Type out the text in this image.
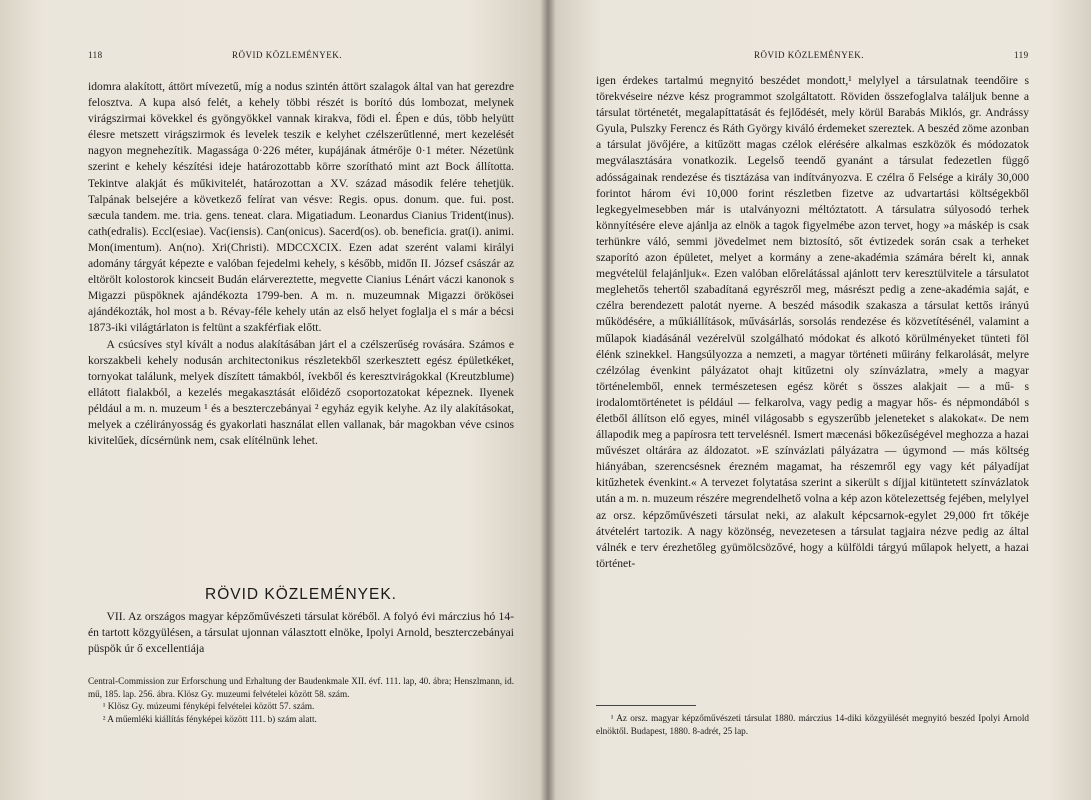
118	RÖVID KÖZLEMÉNYEK.

idomra alakított, áttört mívezetű, míg a nodus szintén áttört szalagok által van hat gerezdre felosztva. A kupa alsó felét, a kehely többi részét is borító dús lombozat, melynek virágszirmai kövekkel és gyöngyökkel vannak kirakva, födi el. Épen e dús, több helyütt élesre metszett virágszirmok és levelek teszik e kelyhet czélszerűtlenné, mert kezelését nagyon megnehezítik. Magassága 0·226 méter, kupájának átmérője 0·1 méter. Nézetünk szerint e kehely készítési ideje határozottabb körre szorítható mint azt Bock állította. Tekintve alakját és műkivitelét, határozottan a XV. század második felére tehetjük. Talpának belsejére a következő felírat van vésve: Regis. opus. donum. que. fui. post. sæcula tandem. me. tria. gens. teneat. clara. Migatiadum. Leonardus Cianius Trident(inus). cath(edralis). Eccl(esiae). Vac(iensis). Can(onicus). Sacerd(os). ob. beneficia. grat(i). animi. Mon(imentum). An(no). Xri(Christi). MDCCXCIX. Ezen adat szerént valami királyi adomány tárgyát képezte e valóban fejedelmi kehely, s később, midőn II. József császár az eltörölt kolostorok kincseit Budán elárvereztette, megvette Cianius Lénárt váczi kanonok s Migazzi püspöknek ajándékozta 1799-ben. A m. n. muzeumnak Migazzi örökösei ajándékozták, hol most a b. Révay-féle kehely után az első helyet foglalja el s már a bécsi 1873-iki világtárlaton is feltünt a szakférfiak előtt.

A csúcsíves styl kívált a nodus alakításában járt el a czélszerűség rovására. Számos e korszakbeli kehely nodusán architectonikus részletekből szerkesztett egész épületkéket, tornyokat találunk, melyek díszített támakból, ívekből és keresztvirágokkal (Kreutzblume) ellátott fialakból, a kezelés megakasztását előidéző csoportozatokat képeznek. Ilyenek például a m. n. muzeum ¹ és a beszterczebányai ² egyház egyik kelyhe. Az ily alakításokat, melyek a czélirányosság és gyakorlati használat ellen vallanak, bár magokban véve csinos kivitelűek, dícsérnünk nem, csak elítélnünk lehet.

RÖVID KÖZLEMÉNYEK.

VII. Az országos magyar képzőművészeti társulat köréből. A folyó évi márczius hó 14-én tartott közgyülésen, a társulat ujonnan választott elnöke, Ipolyi Arnold, beszterczebányai püspök úr ő excellentiája

Central-Commission zur Erforschung und Erhaltung der Baudenkmale XII. évf. 111. lap, 40. ábra; Henszlmann, id. mű, 185. lap. 256. ábra. Klösz Gy. muzeumi felvételei között 58. szám.

¹ Klösz Gy. múzeumi fényképi felvételei között 57. szám.

² A műemléki kiállítás fényképei között 111. b) szám alatt.

RÖVID KÖZLEMÉNYEK.	119

igen érdekes tartalmú megnyitó beszédet mondott,¹ melylyel a társulatnak teendőire s törekvéseire nézve kész programmot szolgáltatott. Röviden összefoglalva találjuk benne a társulat történetét, megalapíttatását és fejlődését, mely körül Barabás Miklós, gr. Andrássy Gyula, Pulszky Ferencz és Ráth György kiváló érdemeket szereztek. A beszéd zöme azonban a társulat jövőjére, a kitűzött magas czélok elérésére alkalmas eszközök és módozatok megválasztására vonatkozik. Legelső teendő gyanánt a társulat fedezetlen függő adósságainak rendezése és tisztázása van indítványozva. E czélra ő Felsége a király 30,000 forintot három évi 10,000 forint részletben fizetve az udvartartási költségekből legkegyelmesebben már is utalványozni méltóztatott. A társulatra súlyosodó terhek könnyítésére eleve ajánlja az elnök a tagok figyelmébe azon tervet, hogy »a máskép is csak terhünkre váló, semmi jövedelmet nem biztosító, sőt évtizedek során csak a terheket szaporító azon épületet, melyet a kormány a zene-akadémia számára bérelt ki, annak megvételül felajánljuk«. Ezen valóban előrelátással ajánlott terv keresztülvitele a társulatot meglehetős tehertől szabadítaná egyrészről meg, másrészt pedig a zene-akadémia saját, e czélra berendezett palotát nyerne. A beszéd második szakasza a társulat kettős irányú működésére, a műkiállítások, művásárlás, sorsolás rendezése és közvetítésénél, valamint a műlapok kiadásánál vezérelvül szolgálható módokat és alkotó körülményeket tünteti föl élénk szinekkel. Hangsúlyozza a nemzeti, a magyar történeti műirány felkarolását, melyre czélzólag évenkint pályázatot ohajt kitűzetni oly színvázlatra, »mely a magyar történelemből, ennek természetesen egész körét s összes alakjait — a mű- s irodalomtörténetet is például — felkarolva, vagy pedig a magyar hős- és népmondából s életből állítson elő egyes, minél világosabb s egyszerűbb jeleneteket s alakokat«. De nem állapodik meg a papírosra tett tervelésnél. Ismert mæcenási bőkezűségével meghozza a hazai művészet oltárára az áldozatot. »E színvázlati pályázatra — úgymond — más költség hiányában, szerencsésnek érezném magamat, ha részemről egy vagy két pályadíjat kitűzhetek évenkint.« A tervezet folytatása szerint a sikerült s díjjal kitüntetett színvázlatok után a m. n. muzeum részére megrendelhető volna a kép azon kötelezettség fejében, melylyel az orsz. képzőművészeti társulat neki, az alakult képcsarnok-egylet 29,000 frt tőkéje átvételért tartozik. A nagy közönség, nevezetesen a társulat tagjaira nézve pedig az által válnék e terv érezhetőleg gyümölcsözővé, hogy a külföldi tárgyú műlapok helyett, a hazai történet-

¹ Az orsz. magyar képzőművészeti társulat 1880. márczius 14-diki közgyülését megnyitó beszéd Ipolyi Arnold elnöktől. Budapest, 1880. 8-adrét, 25 lap.
